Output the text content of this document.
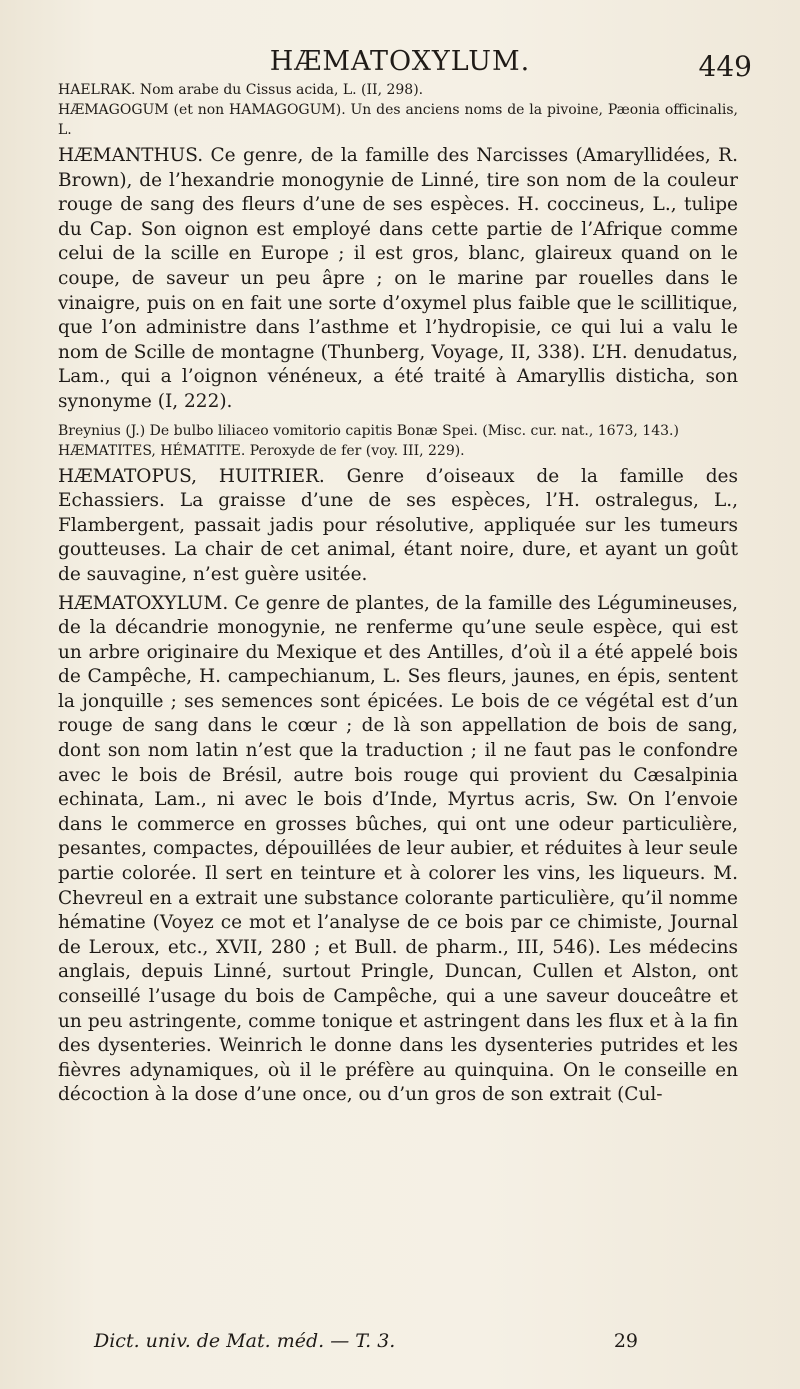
HÆMATOXYLUM.	449

HAELRAK. Nom arabe du Cissus acida, L. (II, 298).

HÆMAGOGUM (et non HAMAGOGUM). Un des anciens noms de la pivoine, Pæonia officinalis, L.

HÆMANTHUS. Ce genre, de la famille des Narcisses (Amaryllidées, R. Brown), de l’hexandrie monogynie de Linné, tire son nom de la couleur rouge de sang des fleurs d’une de ses espèces. H. coccineus, L., tulipe du Cap. Son oignon est employé dans cette partie de l’Afrique comme celui de la scille en Europe ; il est gros, blanc, glaireux quand on le coupe, de saveur un peu âpre ; on le marine par rouelles dans le vinaigre, puis on en fait une sorte d’oxymel plus faible que le scillitique, que l’on administre dans l’asthme et l’hydropisie, ce qui lui a valu le nom de Scille de montagne (Thunberg, Voyage, II, 338). L’H. denudatus, Lam., qui a l’oignon vénéneux, a été traité à Amaryllis disticha, son synonyme (I, 222).

Breynius (J.) De bulbo liliaceo vomitorio capitis Bonæ Spei. (Misc. cur. nat., 1673, 143.)

HÆMATITES, HÉMATITE. Peroxyde de fer (voy. III, 229).

HÆMATOPUS, HUITRIER. Genre d’oiseaux de la famille des Echassiers. La graisse d’une de ses espèces, l’H. ostralegus, L., Flambergent, passait jadis pour résolutive, appliquée sur les tumeurs goutteuses. La chair de cet animal, étant noire, dure, et ayant un goût de sauvagine, n’est guère usitée.

HÆMATOXYLUM. Ce genre de plantes, de la famille des Légumineuses, de la décandrie monogynie, ne renferme qu’une seule espèce, qui est un arbre originaire du Mexique et des Antilles, d’où il a été appelé bois de Campêche, H. campechianum, L. Ses fleurs, jaunes, en épis, sentent la jonquille ; ses semences sont épicées. Le bois de ce végétal est d’un rouge de sang dans le cœur ; de là son appellation de bois de sang, dont son nom latin n’est que la traduction ; il ne faut pas le confondre avec le bois de Brésil, autre bois rouge qui provient du Cæsalpinia echinata, Lam., ni avec le bois d’Inde, Myrtus acris, Sw. On l’envoie dans le commerce en grosses bûches, qui ont une odeur particulière, pesantes, compactes, dépouillées de leur aubier, et réduites à leur seule partie colorée. Il sert en teinture et à colorer les vins, les liqueurs. M. Chevreul en a extrait une substance colorante particulière, qu’il nomme hématine (Voyez ce mot et l’analyse de ce bois par ce chimiste, Journal de Leroux, etc., XVII, 280 ; et Bull. de pharm., III, 546). Les médecins anglais, depuis Linné, surtout Pringle, Duncan, Cullen et Alston, ont conseillé l’usage du bois de Campêche, qui a une saveur douceâtre et un peu astringente, comme tonique et astringent dans les flux et à la fin des dysenteries. Weinrich le donne dans les dysenteries putrides et les fièvres adynamiques, où il le préfère au quinquina. On le conseille en décoction à la dose d’une once, ou d’un gros de son extrait (Cul-

Dict. univ. de Mat. méd. — T. 3.	29
